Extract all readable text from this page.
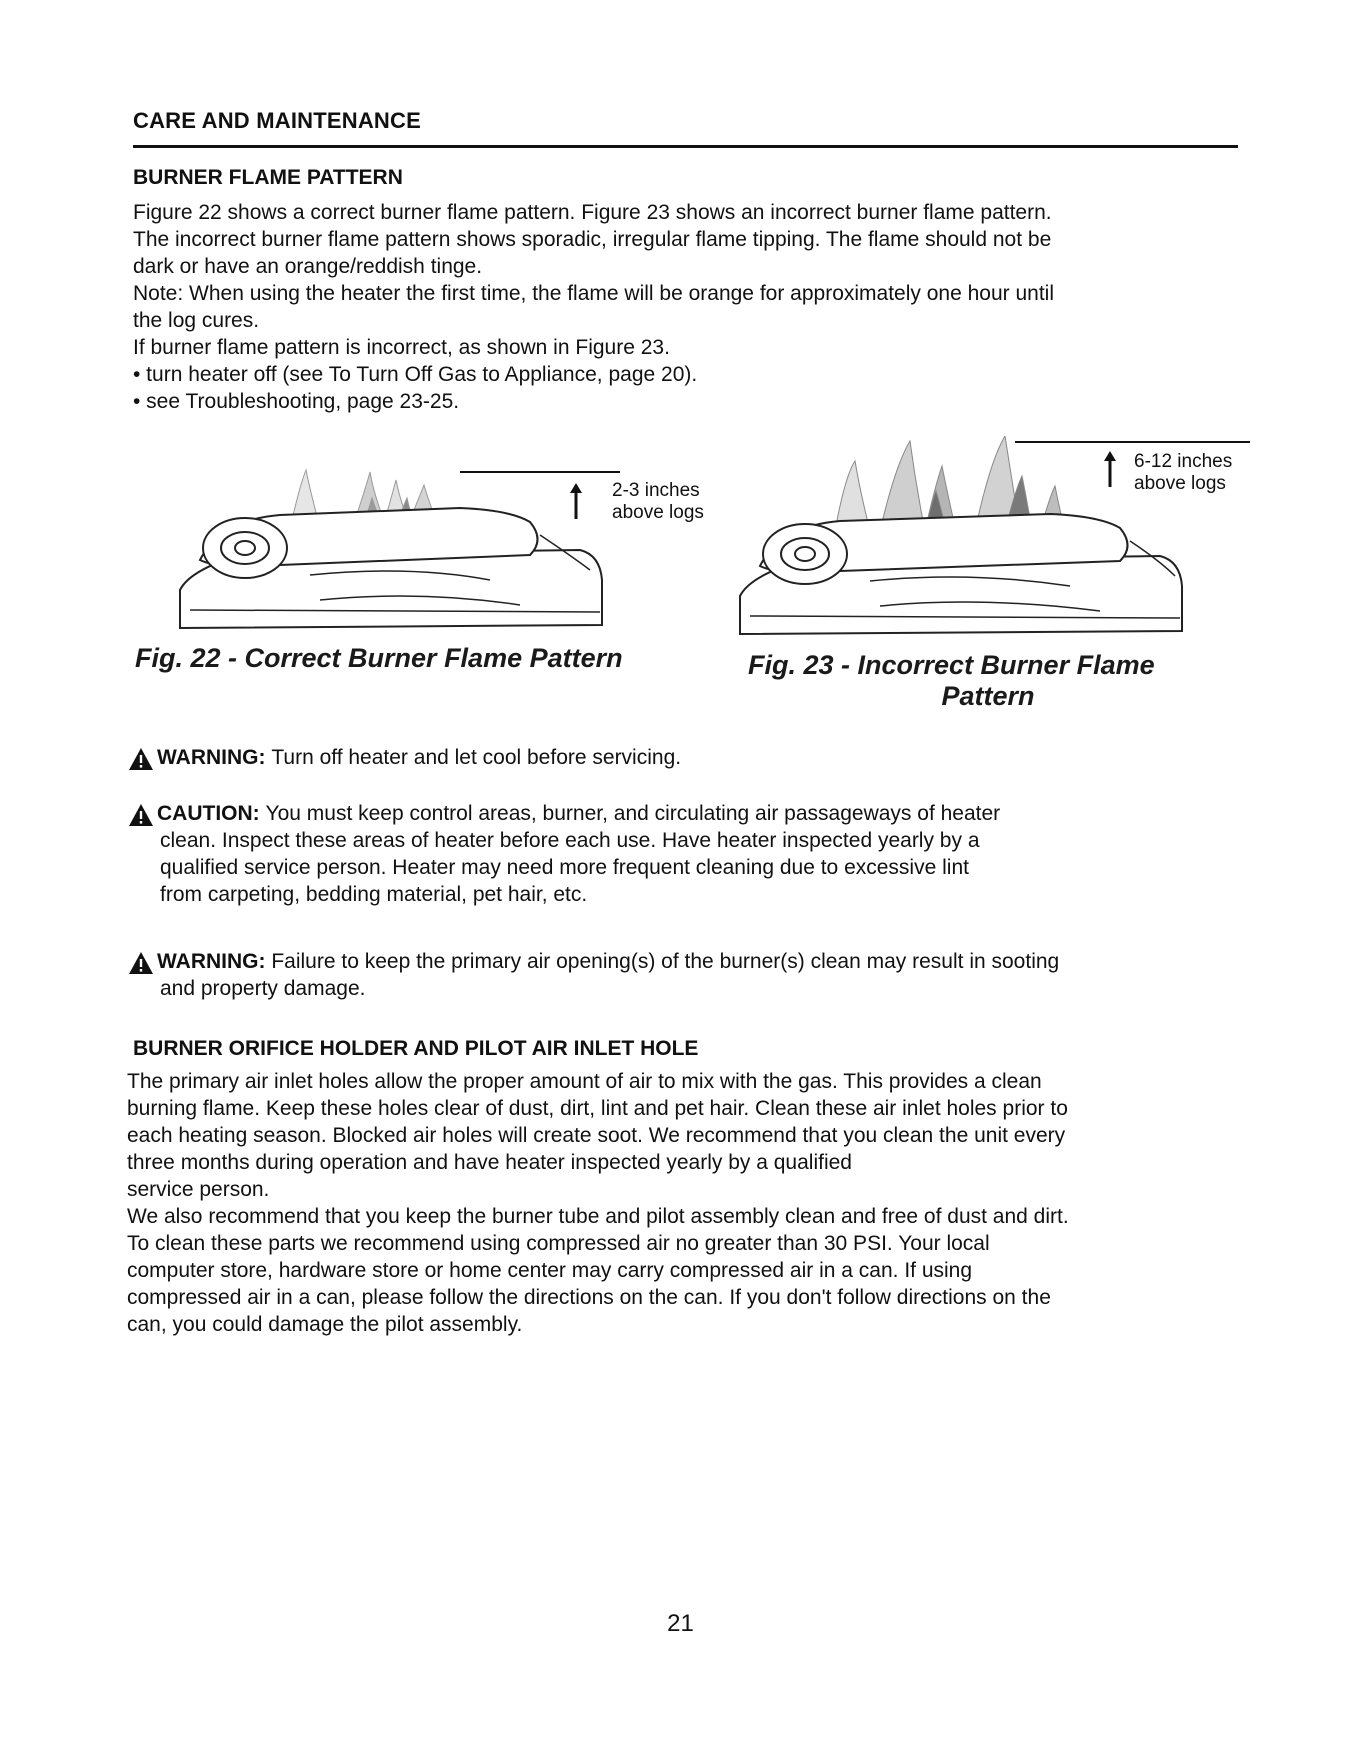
CARE AND MAINTENANCE
BURNER FLAME PATTERN

Figure 22 shows a correct burner flame pattern. Figure 23 shows an incorrect burner flame pattern.

The incorrect burner flame pattern shows sporadic, irregular flame tipping. The flame should not be

dark or have an orange/reddish tinge.

Note: When using the heater the first time, the flame will be orange for approximately one hour until

the log cures.

If burner flame pattern is incorrect, as shown in Figure 23.

• turn heater off (see To Turn Off Gas to Appliance, page 20).

• see Troubleshooting, page 23-25.

2-3 inches
above logs
Fig. 22 - Correct Burner Flame Pattern
6-12 inches
above logs
Fig. 23 - Incorrect Burner Flame
Pattern
WARNING:
Turn off heater and let cool before servicing.
CAUTION:
You must keep control areas, burner, and circulating air passageways of heater
clean. Inspect these areas of heater before each use. Have heater inspected yearly by a
qualified service person. Heater may need more frequent cleaning due to excessive lint
from carpeting, bedding material, pet hair, etc.
WARNING:
Failure to keep the primary air opening(s) of the burner(s) clean may result in sooting
and property damage.
BURNER ORIFICE HOLDER AND PILOT AIR INLET HOLE

The primary air inlet holes allow the proper amount of air to mix with the gas. This provides a clean

burning flame. Keep these holes clear of dust, dirt, lint and pet hair. Clean these air inlet holes prior to

each heating season. Blocked air holes will create soot. We recommend that you clean the unit every

three months during operation and have heater inspected yearly by a qualified

service person.

We also recommend that you keep the burner tube and pilot assembly clean and free of dust and dirt.

To clean these parts we recommend using compressed air no greater than 30 PSI. Your local

computer store, hardware store or home center may carry compressed air in a can. If using

compressed air in a can, please follow the directions on the can. If you don't follow directions on the

can, you could damage the pilot assembly.

21
